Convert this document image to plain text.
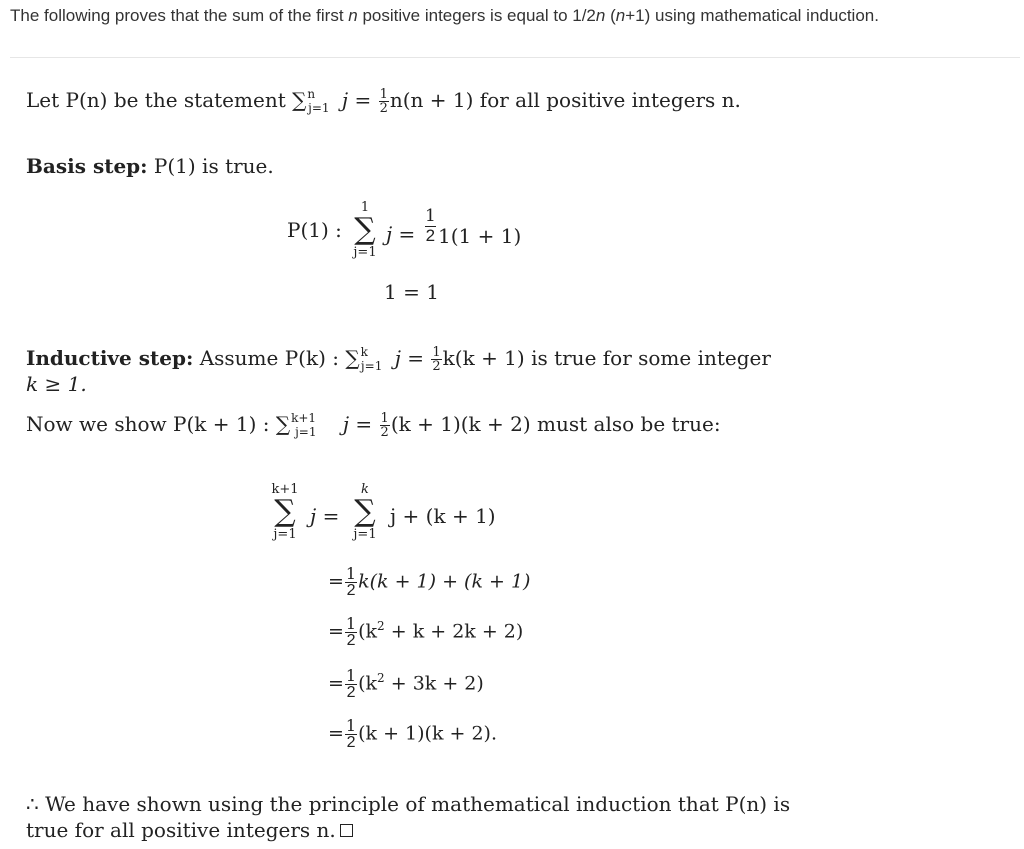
The following proves that the sum of the first n positive integers is equal to 1/2n (n+1) using mathematical induction.
Let P(n) be the statement ∑$^n_{j=1}$ $j = \frac{1}{2} n(n + 1)$ for all positive integers n.
Basis step: P(1) is true.
P(1) :
1
∑
j=1
j =
1
2 1(1 + 1)
1 = 1
Inductive step: Assume P(k) : ∑$^k_{j=1}$ $j = \frac{1}{2} k(k + 1)$ is true for some integer
k ≥ 1.
Now we show P(k + 1) : ∑$^{k+1}_{j=1}$ $j = \frac{1}{2} (k + 1)(k + 2)$ must also be true:
k+1
∑
j=1
j =
k
∑
j=1
j + (k + 1)
= $\frac{1}{2} k(k + 1) + (k + 1)$
= $\frac{1}{2} (k^2 + k + 2k + 2)$
= $\frac{1}{2} (k^2 + 3k + 2)$
= $\frac{1}{2} (k + 1)(k + 2)$.
∴ We have shown using the principle of mathematical induction that P(n) is
true for all positive integers n.
